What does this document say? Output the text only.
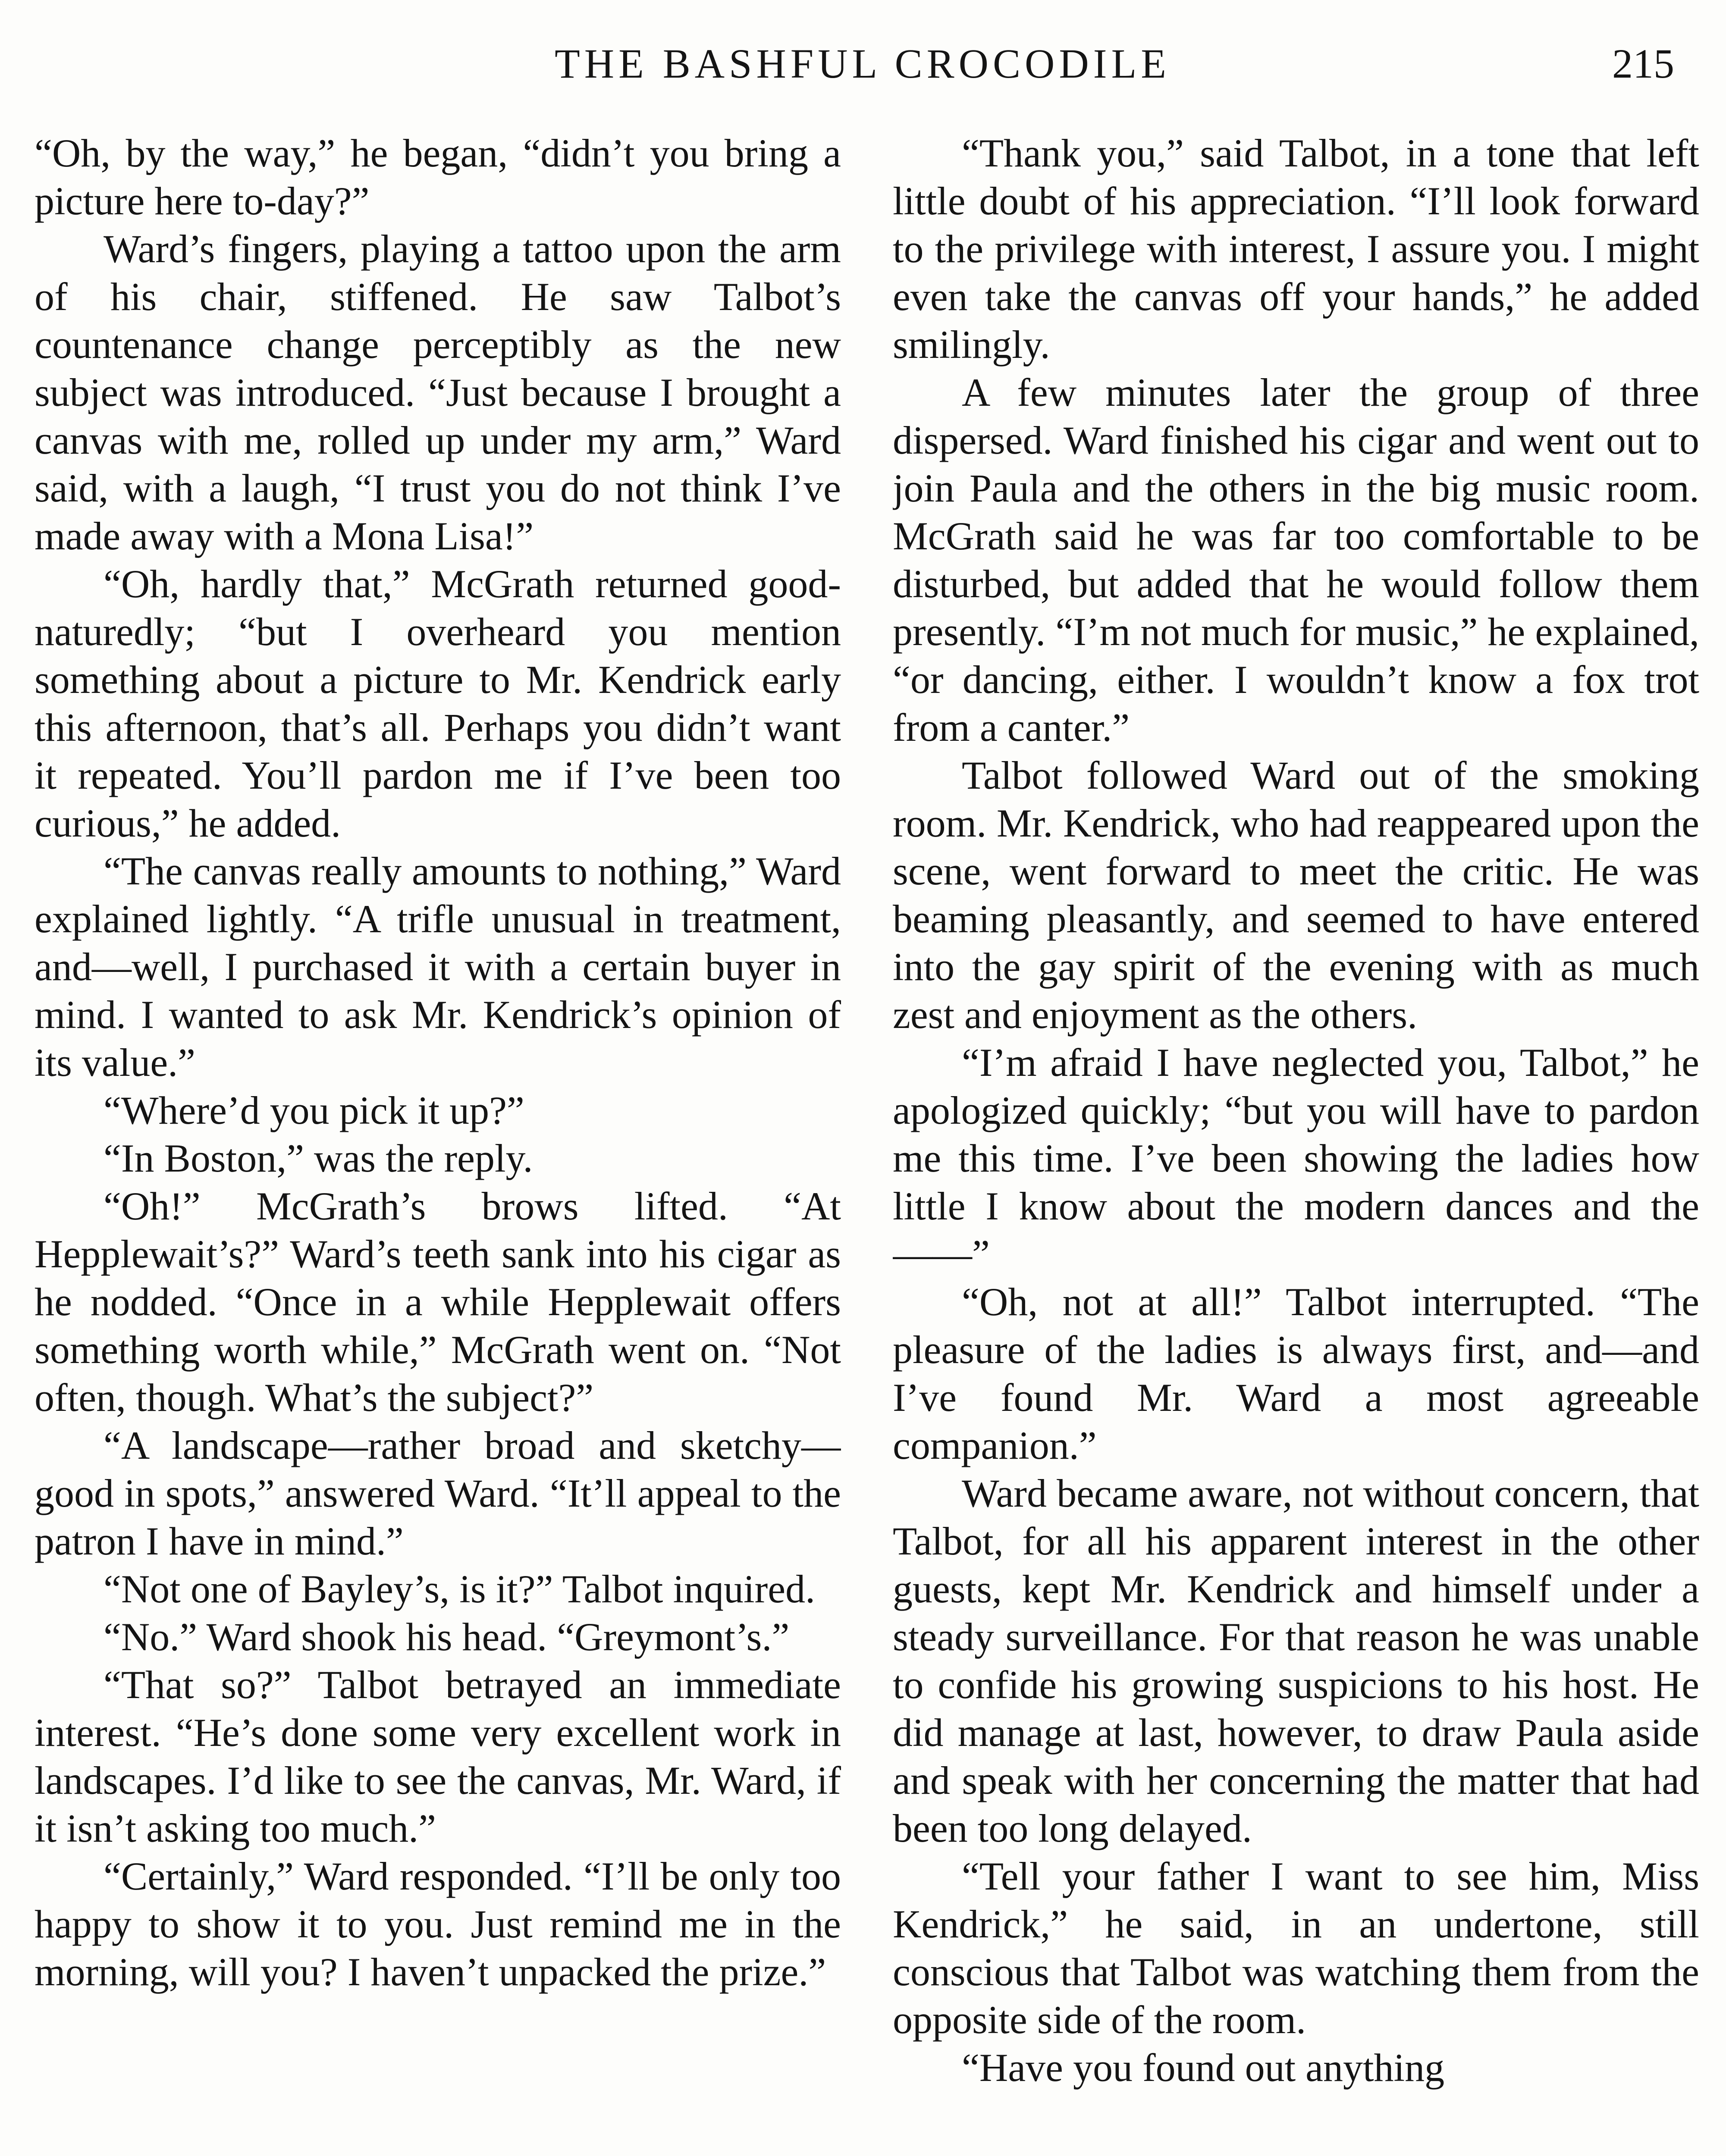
THE BASHFUL CROCODILE	215

“Oh, by the way,” he began, “didn’t you bring a picture here to-day?”

Ward’s fingers, playing a tattoo upon the arm of his chair, stiffened. He saw Talbot’s countenance change perceptibly as the new subject was introduced. “Just because I brought a canvas with me, rolled up under my arm,” Ward said, with a laugh, “I trust you do not think I’ve made away with a Mona Lisa!”

“Oh, hardly that,” McGrath returned good-naturedly; “but I overheard you mention something about a picture to Mr. Kendrick early this afternoon, that’s all. Perhaps you didn’t want it repeated. You’ll pardon me if I’ve been too curious,” he added.

“The canvas really amounts to nothing,” Ward explained lightly. “A trifle unusual in treatment, and—well, I purchased it with a certain buyer in mind. I wanted to ask Mr. Kendrick’s opinion of its value.”

“Where’d you pick it up?”

“In Boston,” was the reply.

“Oh!” McGrath’s brows lifted. “At Hepplewait’s?” Ward’s teeth sank into his cigar as he nodded. “Once in a while Hepplewait offers something worth while,” McGrath went on. “Not often, though. What’s the subject?”

“A landscape—rather broad and sketchy—good in spots,” answered Ward. “It’ll appeal to the patron I have in mind.”

“Not one of Bayley’s, is it?” Talbot inquired.

“No.” Ward shook his head. “Greymont’s.”

“That so?” Talbot betrayed an immediate interest. “He’s done some very excellent work in landscapes. I’d like to see the canvas, Mr. Ward, if it isn’t asking too much.”

“Certainly,” Ward responded. “I’ll be only too happy to show it to you. Just remind me in the morning, will you? I haven’t unpacked the prize.”

“Thank you,” said Talbot, in a tone that left little doubt of his appreciation. “I’ll look forward to the privilege with interest, I assure you. I might even take the canvas off your hands,” he added smilingly.

A few minutes later the group of three dispersed. Ward finished his cigar and went out to join Paula and the others in the big music room. McGrath said he was far too comfortable to be disturbed, but added that he would follow them presently. “I’m not much for music,” he explained, “or dancing, either. I wouldn’t know a fox trot from a canter.”

Talbot followed Ward out of the smoking room. Mr. Kendrick, who had reappeared upon the scene, went forward to meet the critic. He was beaming pleasantly, and seemed to have entered into the gay spirit of the evening with as much zest and enjoyment as the others.

“I’m afraid I have neglected you, Talbot,” he apologized quickly; “but you will have to pardon me this time. I’ve been showing the ladies how little I know about the modern dances and the——”

“Oh, not at all!” Talbot interrupted. “The pleasure of the ladies is always first, and—and I’ve found Mr. Ward a most agreeable companion.”

Ward became aware, not without concern, that Talbot, for all his apparent interest in the other guests, kept Mr. Kendrick and himself under a steady surveillance. For that reason he was unable to confide his growing suspicions to his host. He did manage at last, however, to draw Paula aside and speak with her concerning the matter that had been too long delayed.

“Tell your father I want to see him, Miss Kendrick,” he said, in an undertone, still conscious that Talbot was watching them from the opposite side of the room.

“Have you found out anything
